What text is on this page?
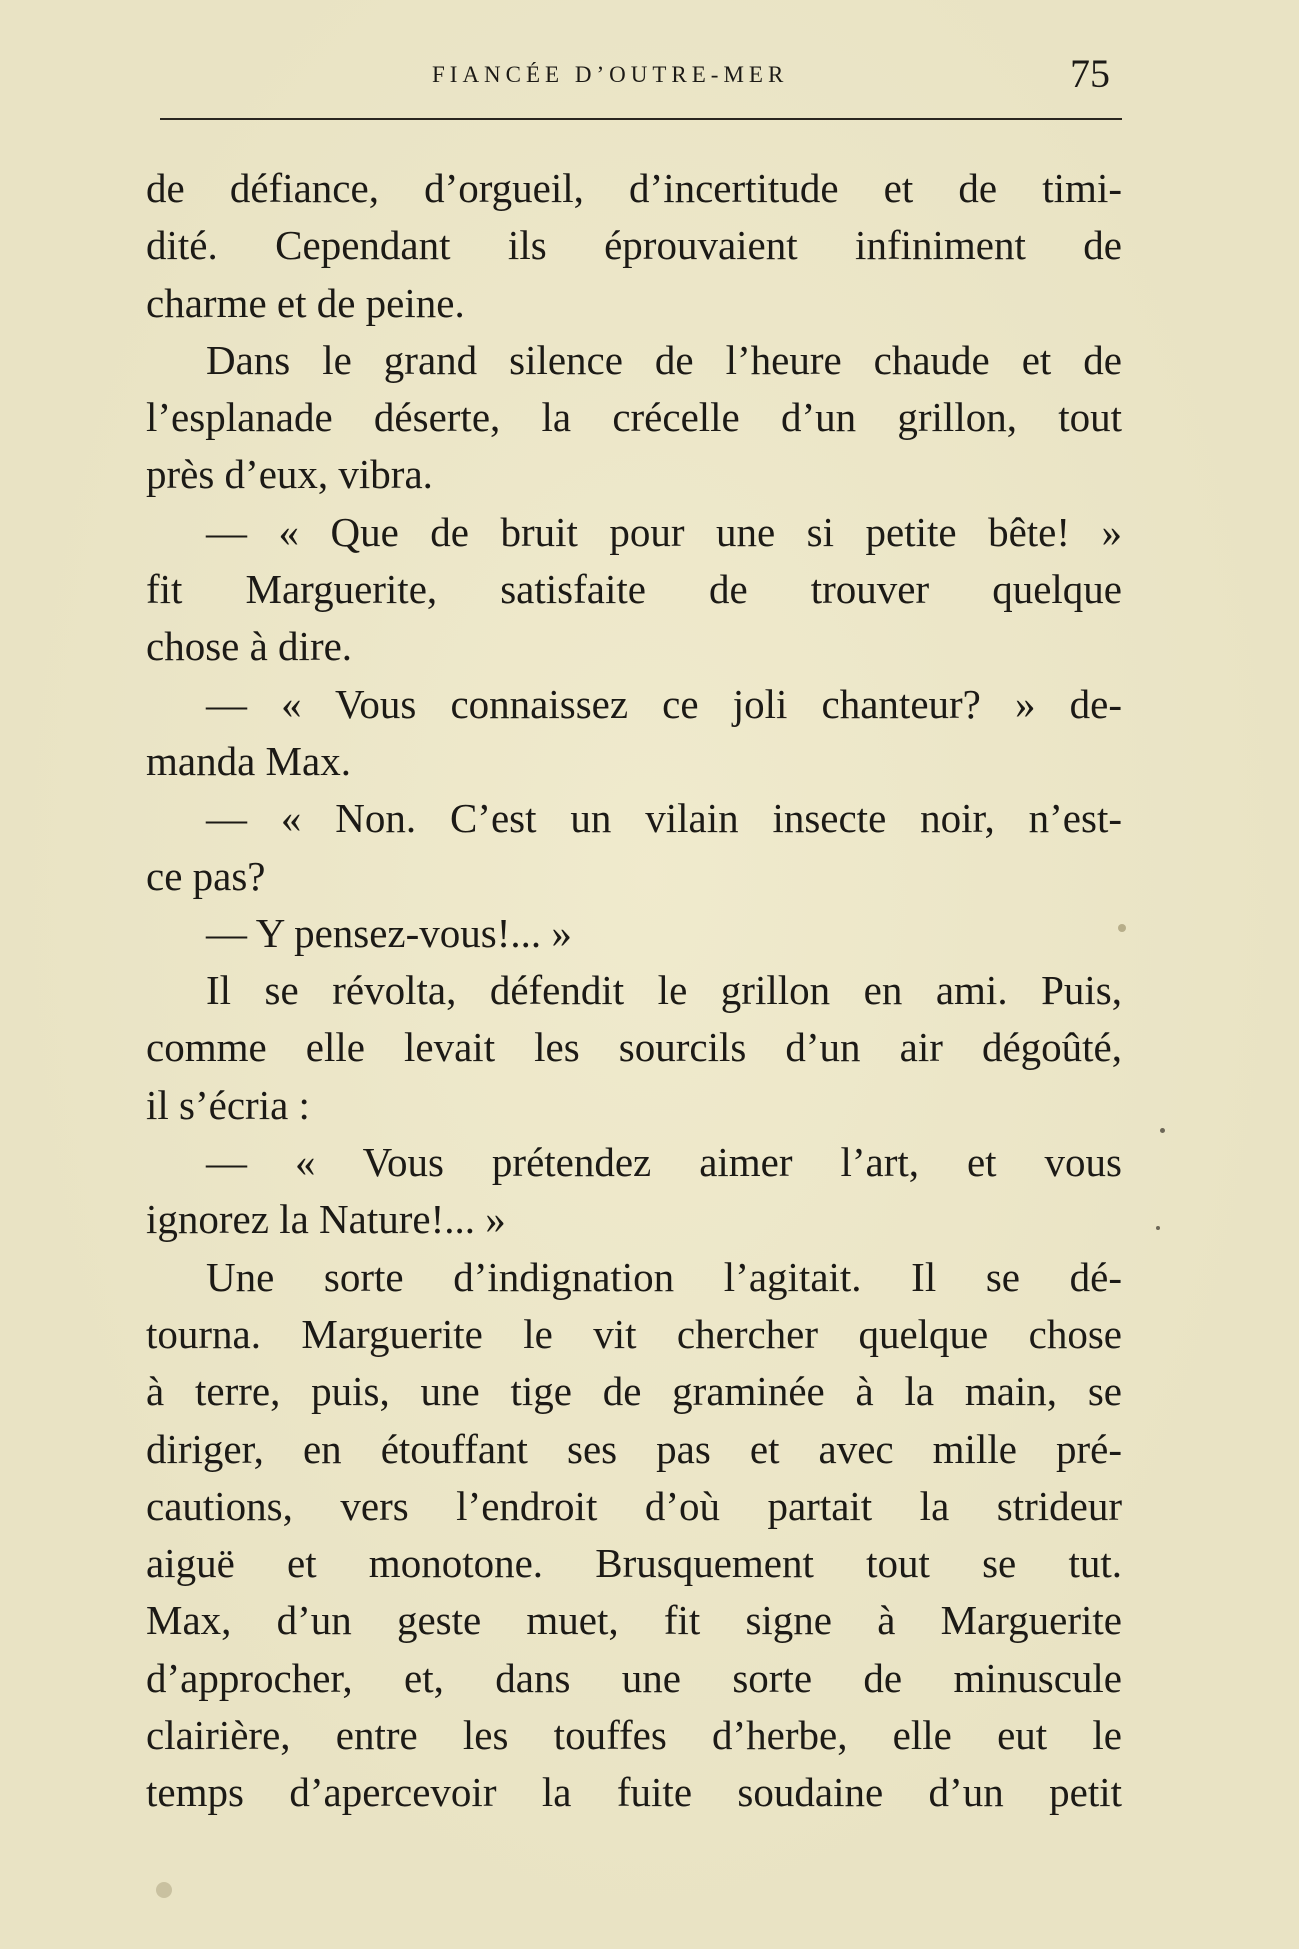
FIANCÉE D’OUTRE-MER	75
de défiance, d’orgueil, d’incertitude et de timi-
dité. Cependant ils éprouvaient infiniment de
charme et de peine.
Dans le grand silence de l’heure chaude et de
l’esplanade déserte, la crécelle d’un grillon, tout
près d’eux, vibra.
— « Que de bruit pour une si petite bête! »
fit Marguerite, satisfaite de trouver quelque
chose à dire.
— « Vous connaissez ce joli chanteur? » de-
manda Max.
— « Non. C’est un vilain insecte noir, n’est-
ce pas?
— Y pensez-vous!... »
Il se révolta, défendit le grillon en ami. Puis,
comme elle levait les sourcils d’un air dégoûté,
il s’écria :
— « Vous prétendez aimer l’art, et vous
ignorez la Nature!... »
Une sorte d’indignation l’agitait. Il se dé-
tourna. Marguerite le vit chercher quelque chose
à terre, puis, une tige de graminée à la main, se
diriger, en étouffant ses pas et avec mille pré-
cautions, vers l’endroit d’où partait la strideur
aiguë et monotone. Brusquement tout se tut.
Max, d’un geste muet, fit signe à Marguerite
d’approcher, et, dans une sorte de minuscule
clairière, entre les touffes d’herbe, elle eut le
temps d’apercevoir la fuite soudaine d’un petit
